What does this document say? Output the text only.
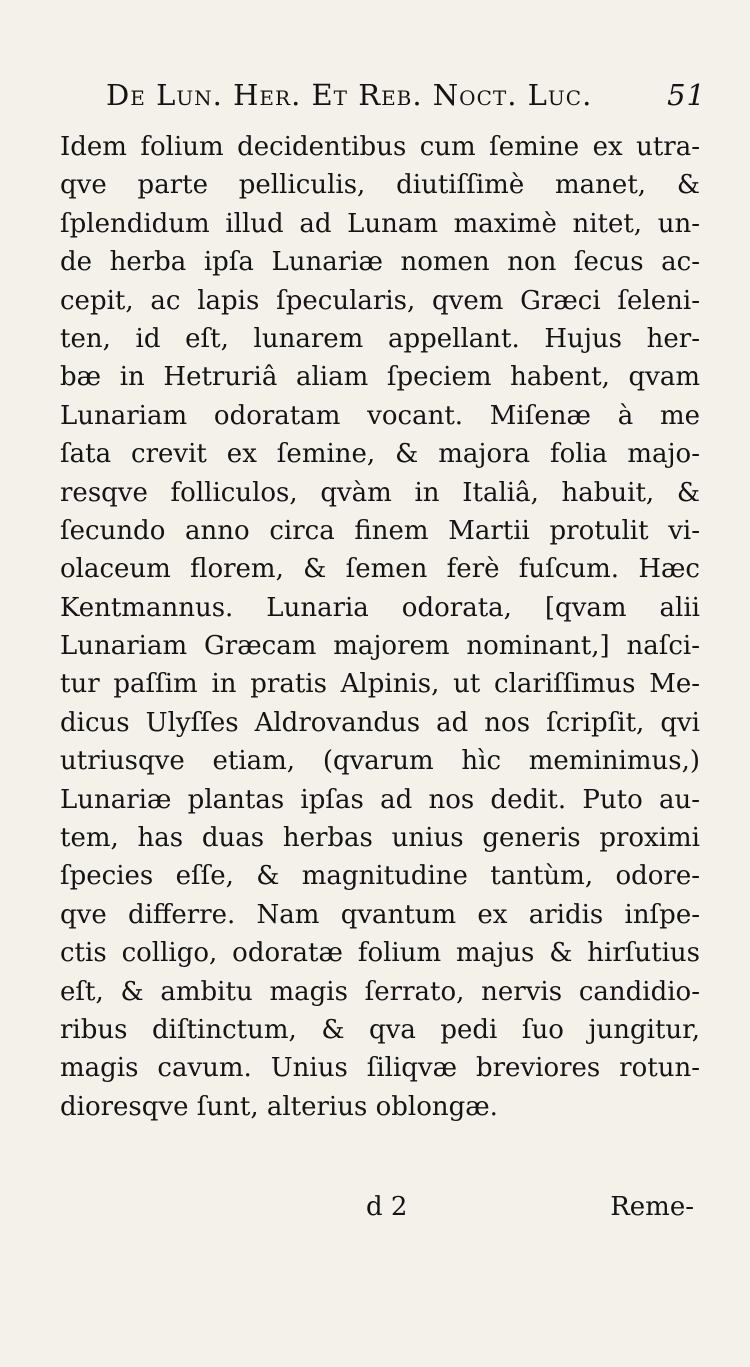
De Lun. Her. Et Reb. Noct. Luc.	51
Idem folium decidentibus cum ſemine ex utra-
qve parte pelliculis, diutiſſimè manet, &
ſplendidum illud ad Lunam maximè nitet, un-
de herba ipſa Lunariæ nomen non ſecus ac-
cepit, ac lapis ſpecularis, qvem Græci ſeleni-
ten, id eſt, lunarem appellant. Hujus her-
bæ in Hetruriâ aliam ſpeciem habent, qvam
Lunariam odoratam vocant. Miſenæ à me
ſata crevit ex ſemine, & majora folia majo-
resqve folliculos, qvàm in Italiâ, habuit, &
ſecundo anno circa finem Martii protulit vi-
olaceum florem, & ſemen ferè fuſcum. Hæc
Kentmannus. Lunaria odorata, [qvam alii
Lunariam Græcam majorem nominant,] naſci-
tur paſſim in pratis Alpinis, ut clariſſimus Me-
dicus Ulyſſes Aldrovandus ad nos ſcripſit, qvi
utriusqve etiam, (qvarum hìc meminimus,)
Lunariæ plantas ipſas ad nos dedit. Puto au-
tem, has duas herbas unius generis proximi
ſpecies eſſe, & magnitudine tantùm, odore-
qve differre. Nam qvantum ex aridis inſpe-
ctis colligo, odoratæ folium majus & hirſutius
eſt, & ambitu magis ſerrato, nervis candidio-
ribus diſtinctum, & qva pedi ſuo jungitur,
magis cavum. Unius ſiliqvæ breviores rotun-
dioresqve ſunt, alterius oblongæ.
d 2	Reme-
